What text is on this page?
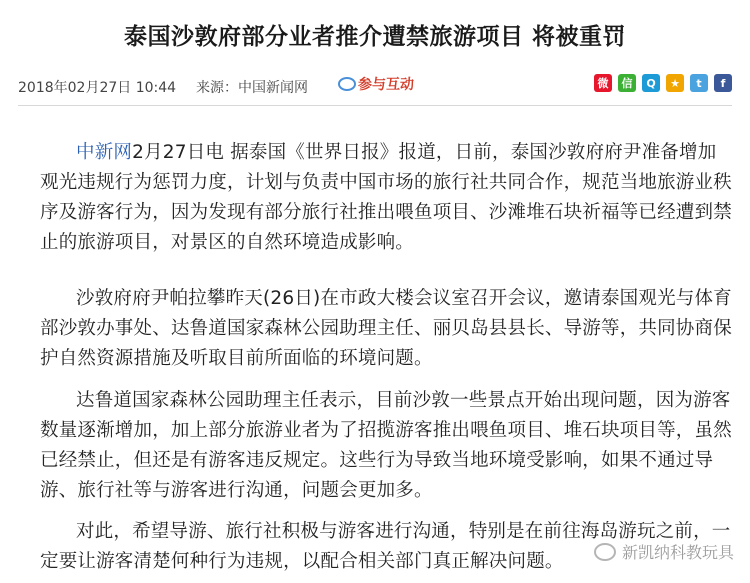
泰国沙敦府部分业者推介遭禁旅游项目 将被重罚
2018年02月27日 10:44 来源：中国新闻网	参与互动	微	信	Q	★	t	f

中新网2月27日电 据泰国《世界日报》报道，日前，泰国沙敦府府尹准备增加观光违规行为惩罚力度，计划与负责中国市场的旅行社共同合作，规范当地旅游业秩序及游客行为，因为发现有部分旅行社推出喂鱼项目、沙滩堆石块祈福等已经遭到禁止的旅游项目，对景区的自然环境造成影响。

沙敦府府尹帕拉攀昨天(26日)在市政大楼会议室召开会议，邀请泰国观光与体育部沙敦办事处、达鲁道国家森林公园助理主任、丽贝岛县县长、导游等，共同协商保护自然资源措施及听取目前所面临的环境问题。

达鲁道国家森林公园助理主任表示，目前沙敦一些景点开始出现问题，因为游客数量逐渐增加，加上部分旅游业者为了招揽游客推出喂鱼项目、堆石块项目等，虽然已经禁止，但还是有游客违反规定。这些行为导致当地环境受影响，如果不通过导游、旅行社等与游客进行沟通，问题会更加多。

对此，希望导游、旅行社积极与游客进行沟通，特别是在前往海岛游玩之前，一定要让游客清楚何种行为违规，以配合相关部门真正解决问题。	新凯纳科教玩具
